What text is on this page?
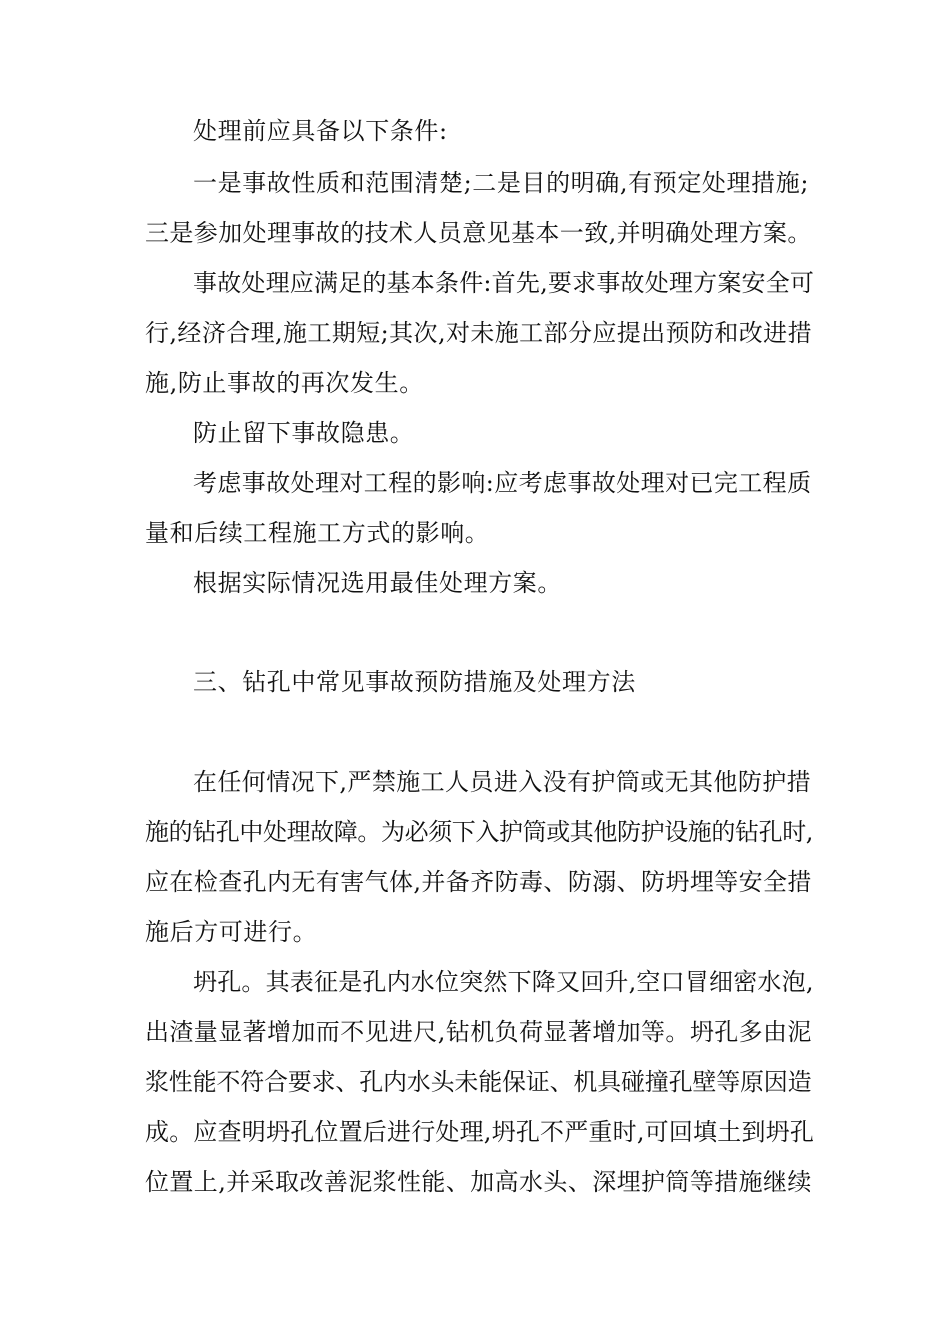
处理前应具备以下条件:
一是事故性质和范围清楚;二是目的明确,有预定处理措施;
三是参加处理事故的技术人员意见基本一致,并明确处理方案。
事故处理应满足的基本条件:首先,要求事故处理方案安全可
行,经济合理,施工期短;其次,对未施工部分应提出预防和改进措
施,防止事故的再次发生。
防止留下事故隐患。
考虑事故处理对工程的影响:应考虑事故处理对已完工程质
量和后续工程施工方式的影响。
根据实际情况选用最佳处理方案。
三、钻孔中常见事故预防措施及处理方法
在任何情况下,严禁施工人员进入没有护筒或无其他防护措
施的钻孔中处理故障。为必须下入护筒或其他防护设施的钻孔时,
应在检查孔内无有害气体,并备齐防毒、防溺、防坍埋等安全措
施后方可进行。
坍孔。其表征是孔内水位突然下降又回升,空口冒细密水泡,
出渣量显著增加而不见进尺,钻机负荷显著增加等。坍孔多由泥
浆性能不符合要求、孔内水头未能保证、机具碰撞孔壁等原因造
成。应查明坍孔位置后进行处理,坍孔不严重时,可回填土到坍孔
位置上,并采取改善泥浆性能、加高水头、深埋护筒等措施继续
